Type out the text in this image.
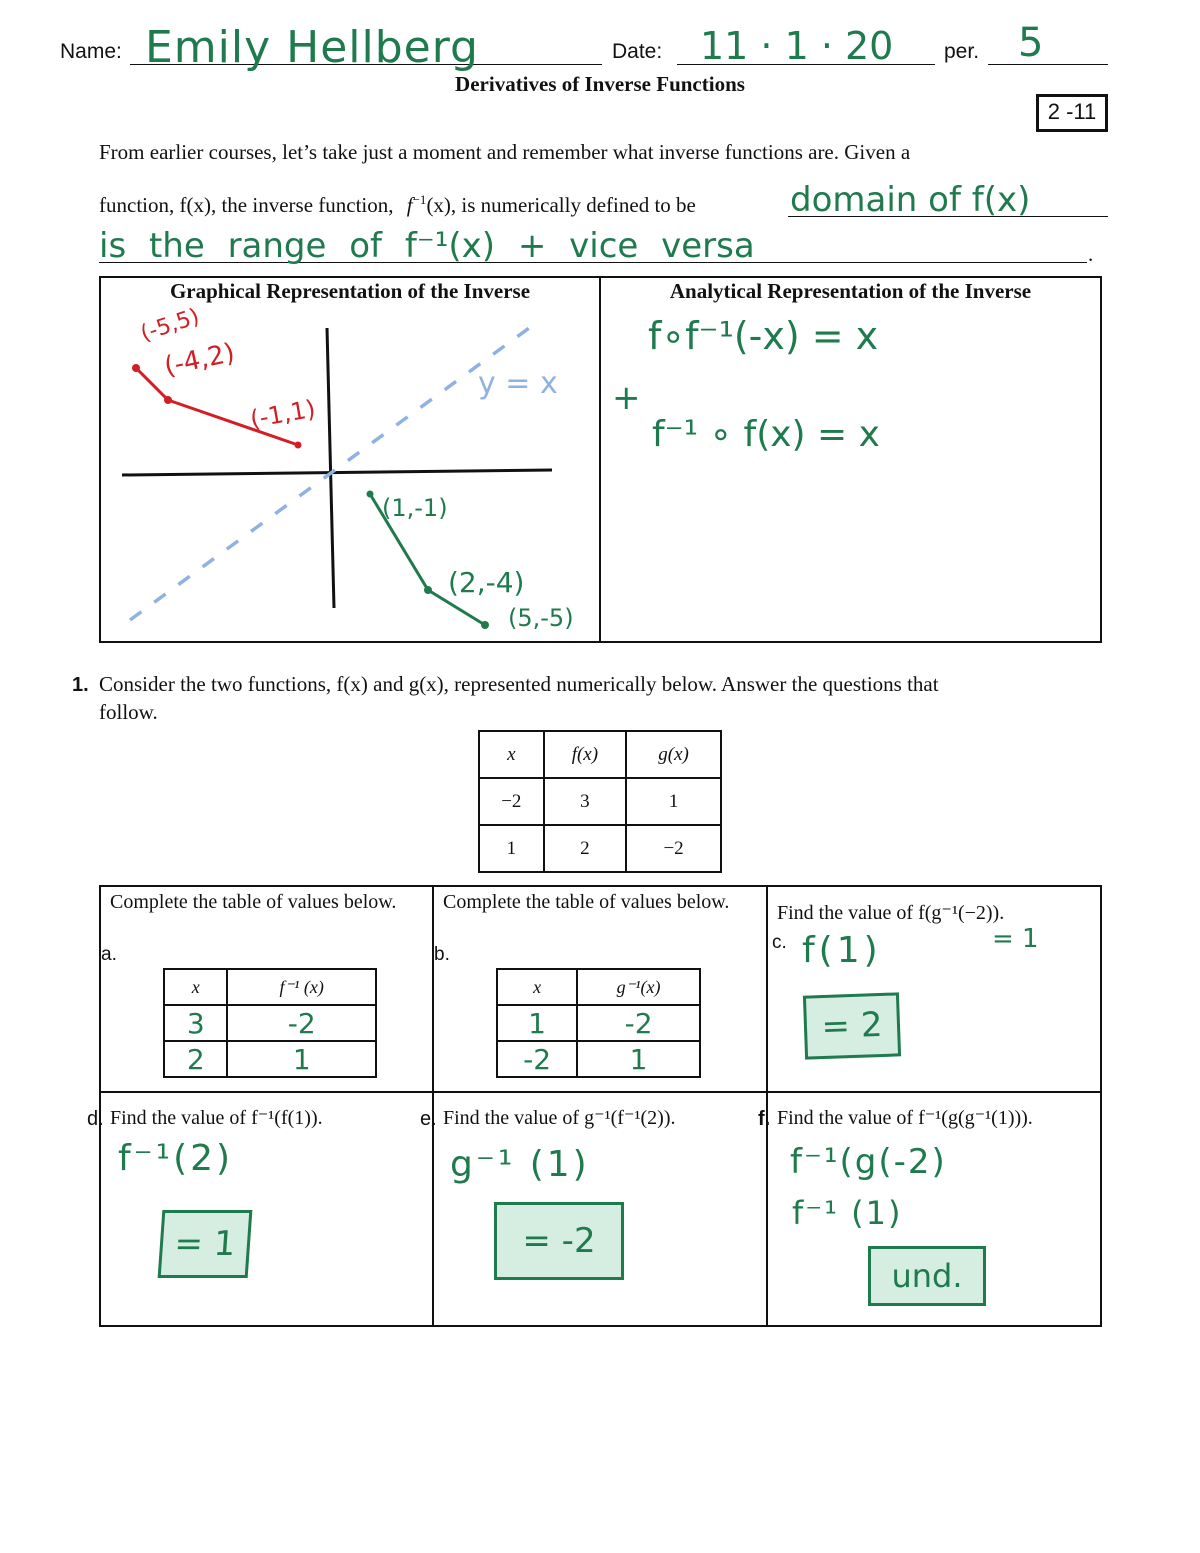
Name: Emily Hellberg	Date: 11 · 1 · 20 per. 5
Derivatives of Inverse Functions
2 -11
From earlier courses, let’s take just a moment and remember what inverse functions are. Given a
function, f(x), the inverse function, $f^{-1}(x)$, is numerically defined to be	domain of f(x)
is the range of f⁻¹(x) + vice versa	.
Graphical Representation of the Inverse	Analytical Representation of the Inverse
(-5,5)
(-4,2)
(-1,1)
y = x
(1,-1)
(2,-4)
(5,-5)
f∘f⁻¹(-x) = x
+
f⁻¹ ∘ f(x) = x
1. Consider the two functions, f(x) and g(x), represented numerically below. Answer the questions that
follow.
x	f(x)	g(x)
−2	3	1
1	2	−2
Complete the table of values below.
a.
x	f⁻¹ (x)
3	-2
2	1
Complete the table of values below.
b.
x	g⁻¹(x)
1	-2
-2	1
Find the value of f(g⁻¹(−2)).
c.	= 1
f(1)
= 2
d. Find the value of f⁻¹(f(1)).
f⁻¹(2)
= 1
e. Find the value of g⁻¹(f⁻¹(2)).
g⁻¹ (1)
= -2
f. Find the value of f⁻¹(g(g⁻¹(1))).
f⁻¹(g(-2)
f⁻¹ (1)
und.
